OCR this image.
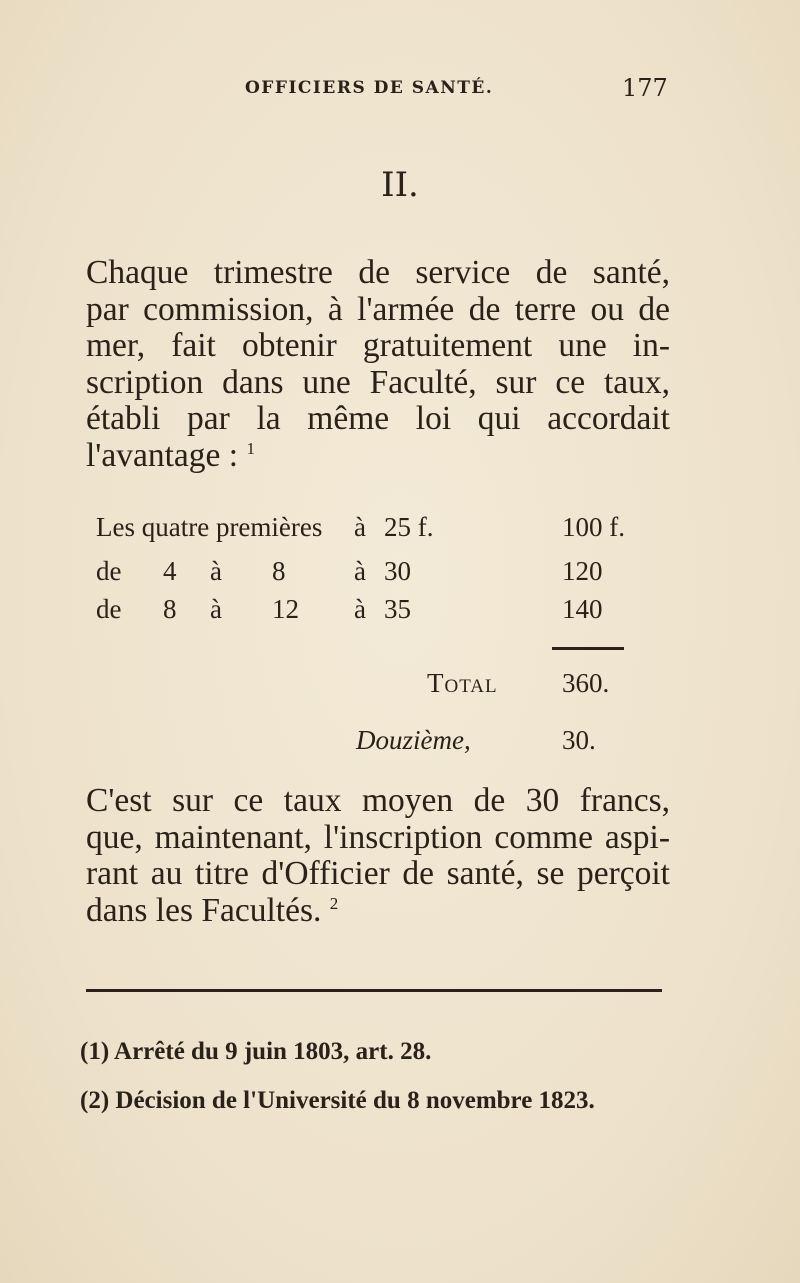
OFFICIERS DE SANTÉ.	177
II.
Chaque trimestre de service de santé,
par commission, à l'armée de terre ou de
mer, fait obtenir gratuitement une in-
scription dans une Faculté, sur ce taux,
établi par la même loi qui accordait
l'avantage : $^1$
Les quatre premières à 25 f.	100 f.
de 4 à 8	à 30	120
de 8 à 12 à 35	140
Total 360.
Douzième,	30.
C'est sur ce taux moyen de 30 francs,
que, maintenant, l'inscription comme aspi-
rant au titre d'Officier de santé, se perçoit
dans les Facultés. $^2$
(1) Arrêté du 9 juin 1803, art. 28.
(2) Décision de l'Université du 8 novembre 1823.
